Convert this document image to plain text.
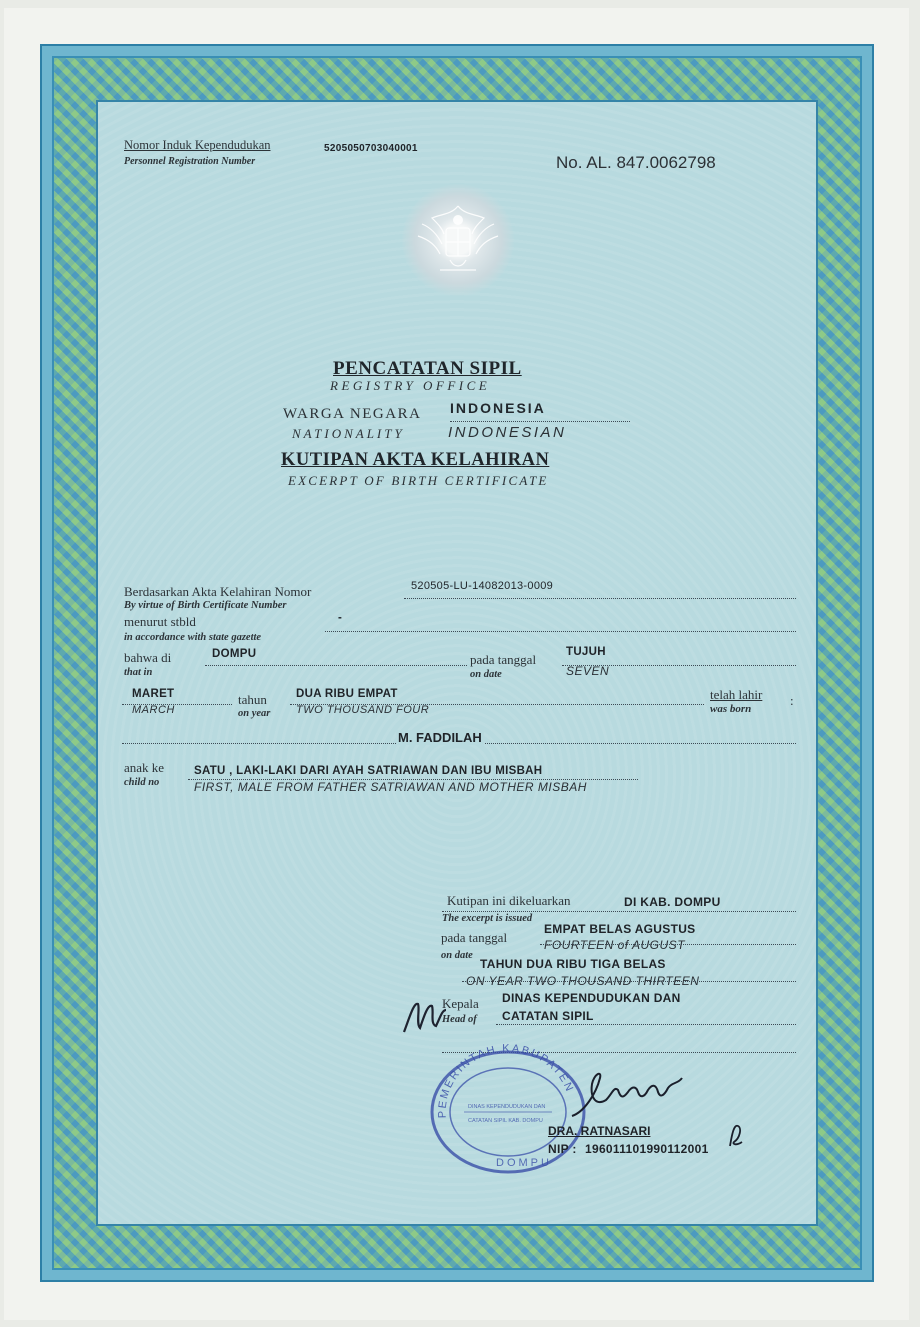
Nomor Induk Kependudukan
Personnel Registration Number
5205050703040001
No. AL. 847.0062798
PENCATATAN SIPIL
REGISTRY OFFICE
WARGA NEGARA INDONESIA
NATIONALITY	INDONESIAN
KUTIPAN AKTA KELAHIRAN
EXCERPT OF BIRTH CERTIFICATE
Berdasarkan Akta Kelahiran Nomor
By virtue of Birth Certificate Number
520505-LU-14082013-0009
menurut stbld
in accordance with state gazette
-
bahwa di
that in
DOMPU	pada tanggal
on date
TUJUH
SEVEN
MARET
MARCH
tahun
on year
DUA RIBU EMPAT
TWO THOUSAND FOUR
telah lahir
was born
:
M. FADDILAH
anak ke
child no
SATU , LAKI-LAKI DARI AYAH SATRIAWAN DAN IBU MISBAH
FIRST, MALE FROM FATHER SATRIAWAN AND MOTHER MISBAH
Kutipan ini dikeluarkan
The excerpt is issued
DI KAB. DOMPU
pada tanggal
on date
EMPAT BELAS AGUSTUS
FOURTEEN of AUGUST
TAHUN DUA RIBU TIGA BELAS
ON YEAR TWO THOUSAND THIRTEEN
Kepala
Head of
DINAS KEPENDUDUKAN DAN
CATATAN SIPIL
PEMERINTAH KABUPATEN
DOMPU
DINAS KEPENDUDUKAN DAN
CATATAN SIPIL KAB. DOMPU
DRA. RATNASARI
NIP : 196011101990112001
